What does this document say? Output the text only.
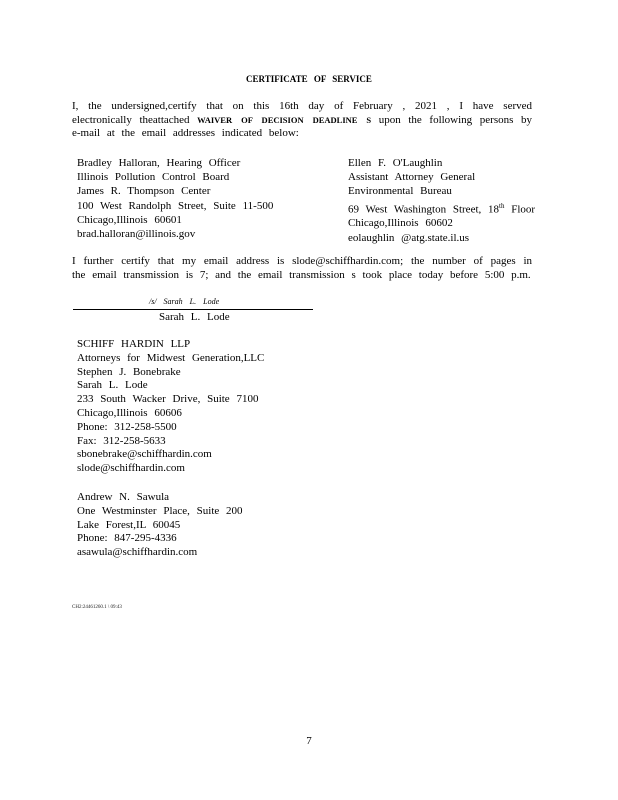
CERTIFICATE OF SERVICE
I, the undersigned,certify that on this 16th day of February , 2021 , I have served electronically theattached WAIVER OF DECISION DEADLINE S upon the following persons by e-mail at the email addresses indicated below:
Bradley Halloran, Hearing Officer
Illinois Pollution Control Board
James R. Thompson Center
100 West Randolph Street, Suite 11-500
Chicago,Illinois 60601
brad.halloran@illinois.gov
Ellen F. O'Laughlin
Assistant Attorney General
Environmental Bureau
69 West Washington Street, 18th Floor
Chicago,Illinois 60602
eolaughlin @atg.state.il.us
I further certify that my email address is slode@schiffhardin.com; the number of pages in the email transmission is 7; and the email transmission s took place today before 5:00 p.m.
/s/ Sarah L. Lode
Sarah L. Lode
SCHIFF HARDIN LLP
Attorneys for Midwest Generation,LLC
Stephen J. Bonebrake
Sarah L. Lode
233 South Wacker Drive, Suite 7100
Chicago,Illinois 60606
Phone: 312-258-5500
Fax: 312-258-5633
sbonebrake@schiffhardin.com
slode@schiffhardin.com
Andrew N. Sawula
One Westminster Place, Suite 200
Lake Forest,IL 60045
Phone: 847-295-4336
asawula@schiffhardin.com
CH2:24461260.1 \ 09:43
7
